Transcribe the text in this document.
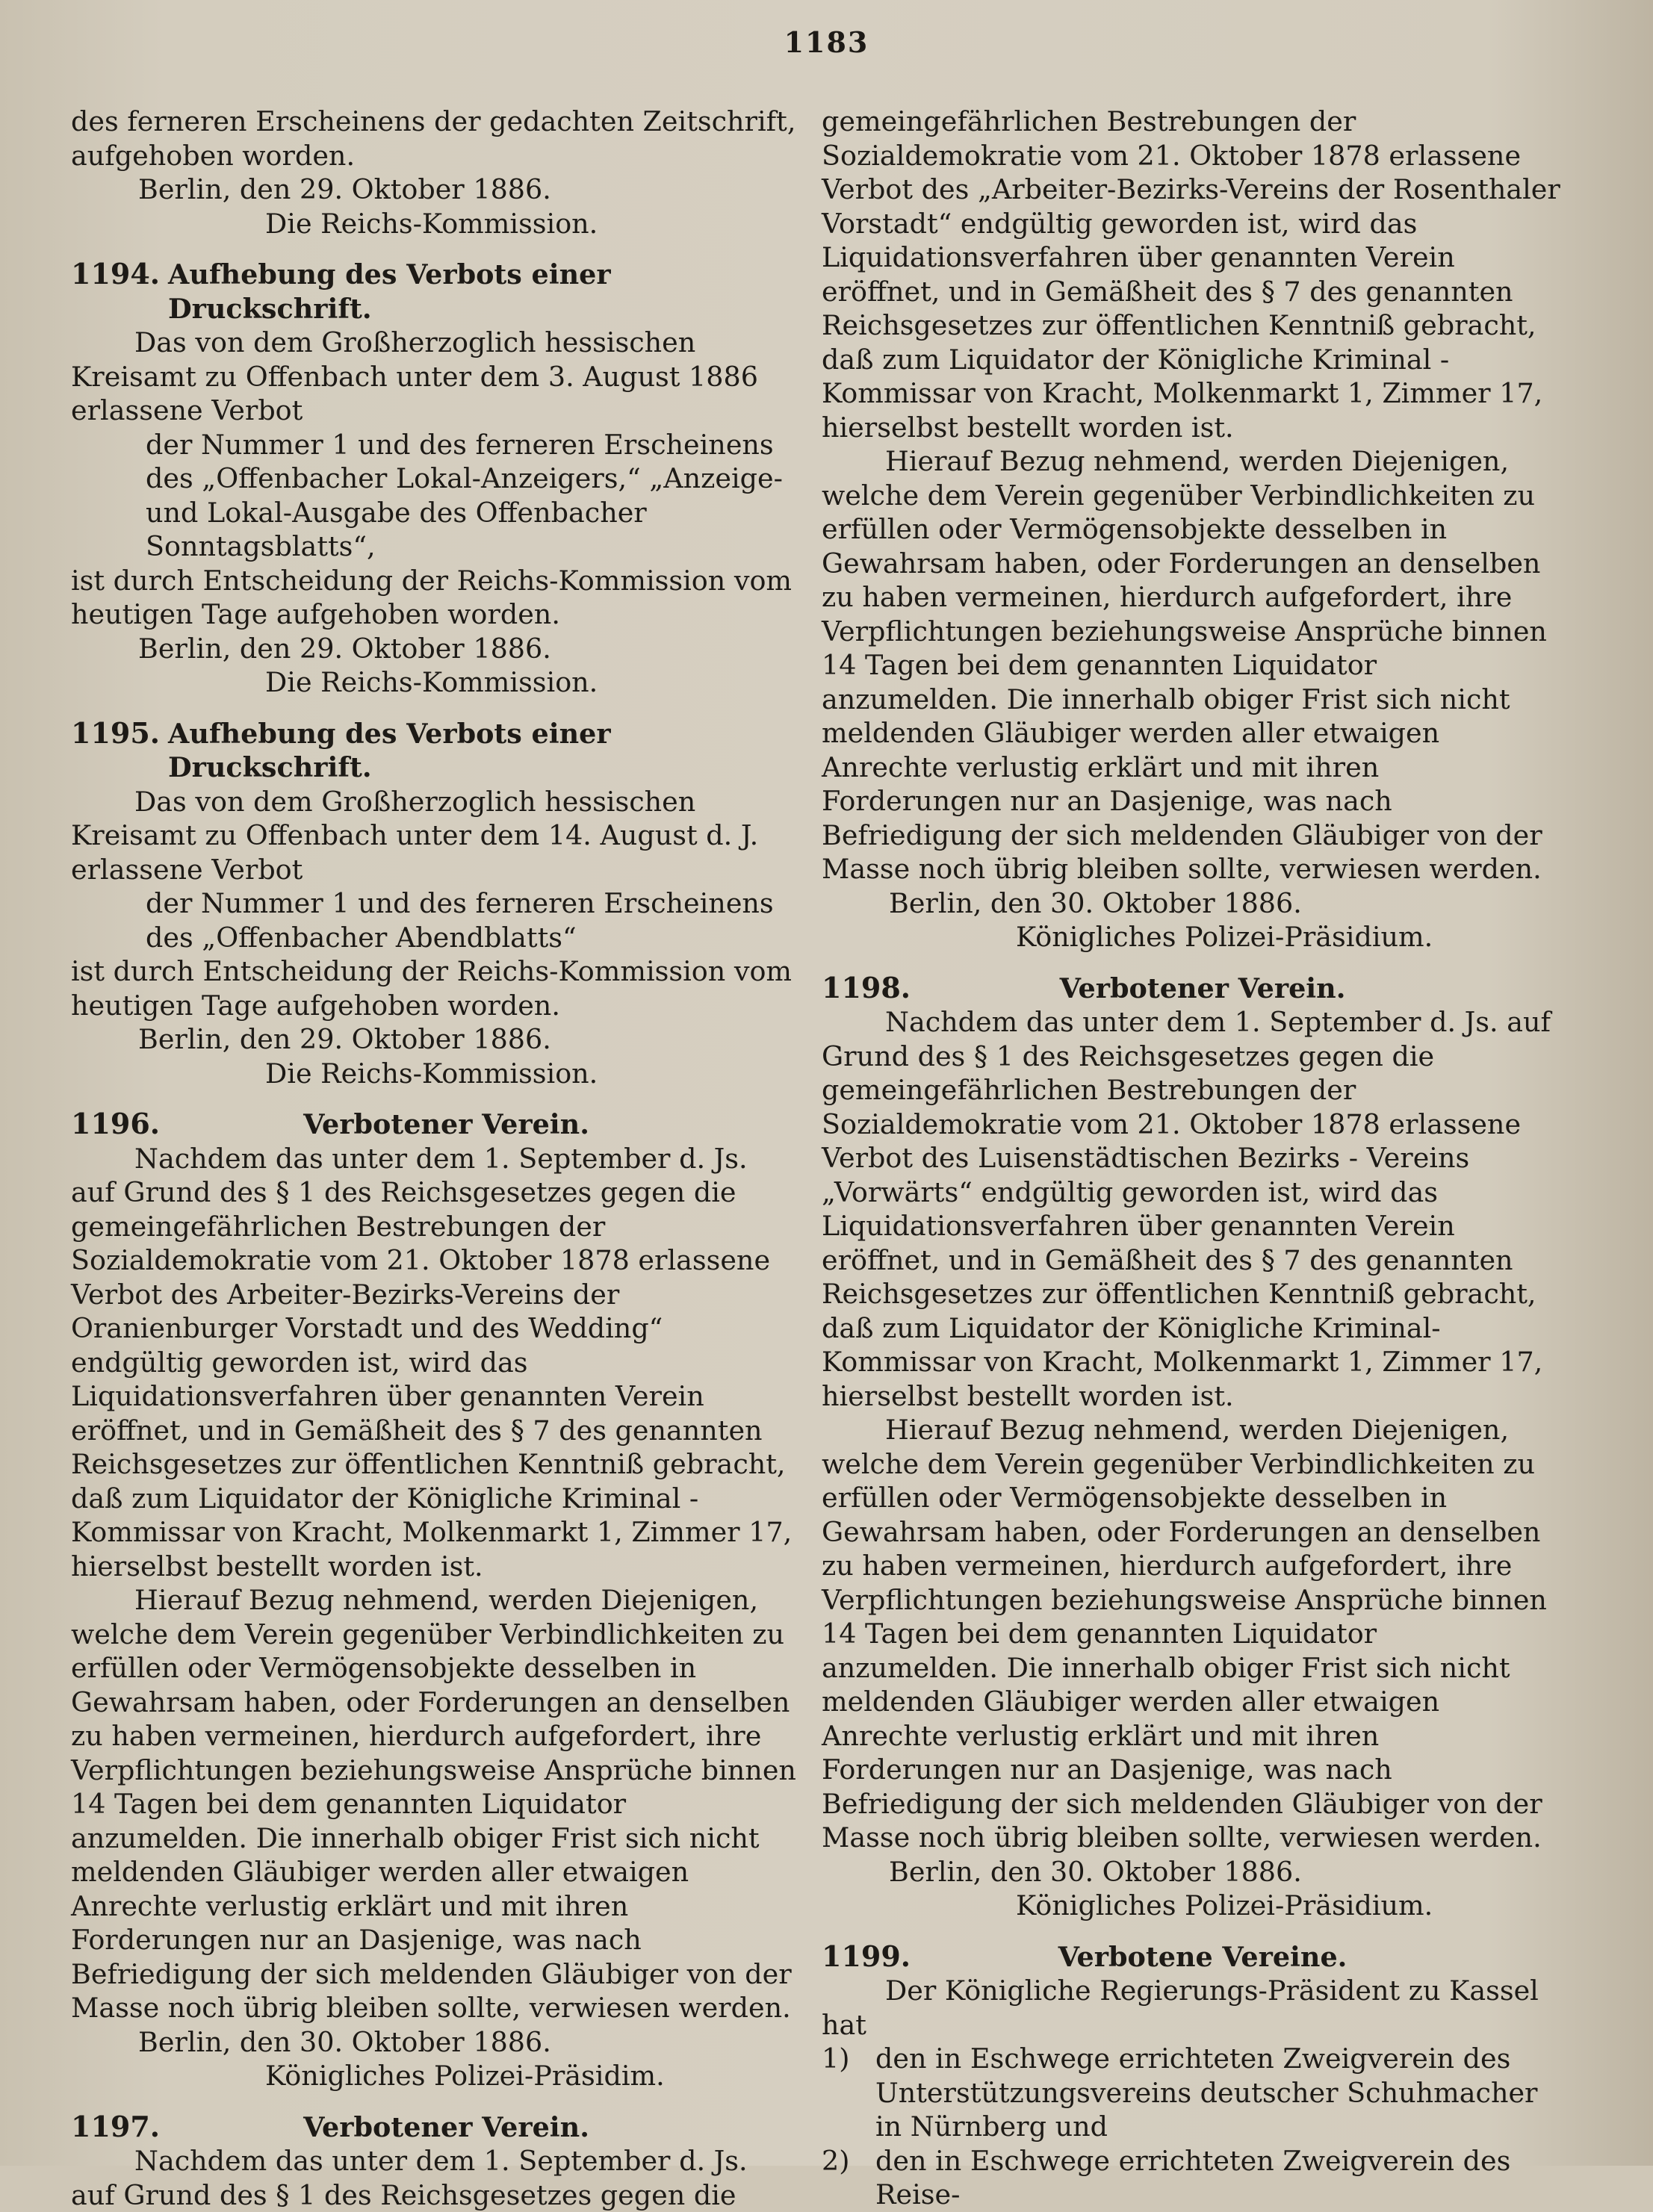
1183

des ferneren Erscheinens der gedachten Zeitschrift,

aufgehoben worden.

Berlin, den 29. Oktober 1886.

Die Reichs-Kommission.

1194. Aufhebung des Verbots einer Druckschrift.

Das von dem Großherzoglich hessischen Kreisamt zu Offenbach unter dem 3. August 1886 erlassene Verbot

der Nummer 1 und des ferneren Erscheinens des „Offenbacher Lokal-Anzeigers,“ „Anzeige- und Lokal-Ausgabe des Offenbacher Sonntagsblatts“,

ist durch Entscheidung der Reichs-Kommission vom heutigen Tage aufgehoben worden.

Berlin, den 29. Oktober 1886.

Die Reichs-Kommission.

1195. Aufhebung des Verbots einer Druckschrift.

Das von dem Großherzoglich hessischen Kreisamt zu Offenbach unter dem 14. August d. J. erlassene Verbot

der Nummer 1 und des ferneren Erscheinens des „Offenbacher Abendblatts“

ist durch Entscheidung der Reichs-Kommission vom heutigen Tage aufgehoben worden.

Berlin, den 29. Oktober 1886.

Die Reichs-Kommission.

1196.	Verbotener Verein.

Nachdem das unter dem 1. September d. Js. auf Grund des § 1 des Reichsgesetzes gegen die gemeingefährlichen Bestrebungen der Sozialdemokratie vom 21. Oktober 1878 erlassene Verbot des Arbeiter-Bezirks-Vereins der Oranienburger Vorstadt und des Wedding“ endgültig geworden ist, wird das Liquidationsverfahren über genannten Verein eröffnet, und in Gemäßheit des § 7 des genannten Reichsgesetzes zur öffentlichen Kenntniß gebracht, daß zum Liquidator der Königliche Kriminal - Kommissar von Kracht, Molkenmarkt 1, Zimmer 17, hierselbst bestellt worden ist.

Hierauf Bezug nehmend, werden Diejenigen, welche dem Verein gegenüber Verbindlichkeiten zu erfüllen oder Vermögensobjekte desselben in Gewahrsam haben, oder Forderungen an denselben zu haben vermeinen, hierdurch aufgefordert, ihre Verpflichtungen beziehungsweise Ansprüche binnen 14 Tagen bei dem genannten Liquidator anzumelden. Die innerhalb obiger Frist sich nicht meldenden Gläubiger werden aller etwaigen Anrechte verlustig erklärt und mit ihren Forderungen nur an Dasjenige, was nach Befriedigung der sich meldenden Gläubiger von der Masse noch übrig bleiben sollte, verwiesen werden.

Berlin, den 30. Oktober 1886.

Königliches Polizei-Präsidim.

1197.	Verbotener Verein.

Nachdem das unter dem 1. September d. Js. auf Grund des § 1 des Reichsgesetzes gegen die

gemeingefährlichen Bestrebungen der Sozialdemokratie vom 21. Oktober 1878 erlassene Verbot des „Arbeiter-Bezirks-Vereins der Rosenthaler Vorstadt“ endgültig geworden ist, wird das Liquidationsverfahren über genannten Verein eröffnet, und in Gemäßheit des § 7 des genannten Reichsgesetzes zur öffentlichen Kenntniß gebracht, daß zum Liquidator der Königliche Kriminal - Kommissar von Kracht, Molkenmarkt 1, Zimmer 17, hierselbst bestellt worden ist.

Hierauf Bezug nehmend, werden Diejenigen, welche dem Verein gegenüber Verbindlichkeiten zu erfüllen oder Vermögensobjekte desselben in Gewahrsam haben, oder Forderungen an denselben zu haben vermeinen, hierdurch aufgefordert, ihre Verpflichtungen beziehungsweise Ansprüche binnen 14 Tagen bei dem genannten Liquidator anzumelden. Die innerhalb obiger Frist sich nicht meldenden Gläubiger werden aller etwaigen Anrechte verlustig erklärt und mit ihren Forderungen nur an Dasjenige, was nach Befriedigung der sich meldenden Gläubiger von der Masse noch übrig bleiben sollte, verwiesen werden.

Berlin, den 30. Oktober 1886.

Königliches Polizei-Präsidium.

1198.	Verbotener Verein.

Nachdem das unter dem 1. September d. Js. auf Grund des § 1 des Reichsgesetzes gegen die gemeingefährlichen Bestrebungen der Sozialdemokratie vom 21. Oktober 1878 erlassene Verbot des Luisenstädtischen Bezirks - Vereins „Vorwärts“ endgültig geworden ist, wird das Liquidationsverfahren über genannten Verein eröffnet, und in Gemäßheit des § 7 des genannten Reichsgesetzes zur öffentlichen Kenntniß gebracht, daß zum Liquidator der Königliche Kriminal-Kommissar von Kracht, Molkenmarkt 1, Zimmer 17, hierselbst bestellt worden ist.

Hierauf Bezug nehmend, werden Diejenigen, welche dem Verein gegenüber Verbindlichkeiten zu erfüllen oder Vermögensobjekte desselben in Gewahrsam haben, oder Forderungen an denselben zu haben vermeinen, hierdurch aufgefordert, ihre Verpflichtungen beziehungsweise Ansprüche binnen 14 Tagen bei dem genannten Liquidator anzumelden. Die innerhalb obiger Frist sich nicht meldenden Gläubiger werden aller etwaigen Anrechte verlustig erklärt und mit ihren Forderungen nur an Dasjenige, was nach Befriedigung der sich meldenden Gläubiger von der Masse noch übrig bleiben sollte, verwiesen werden.

Berlin, den 30. Oktober 1886.

Königliches Polizei-Präsidium.

1199.	Verbotene Vereine.

Der Königliche Regierungs-Präsident zu Kassel hat

1) den in Eschwege errichteten Zweigverein des Unterstützungsvereins deutscher Schuhmacher in Nürnberg und
2) den in Eschwege errichteten Zweigverein des Reise-
